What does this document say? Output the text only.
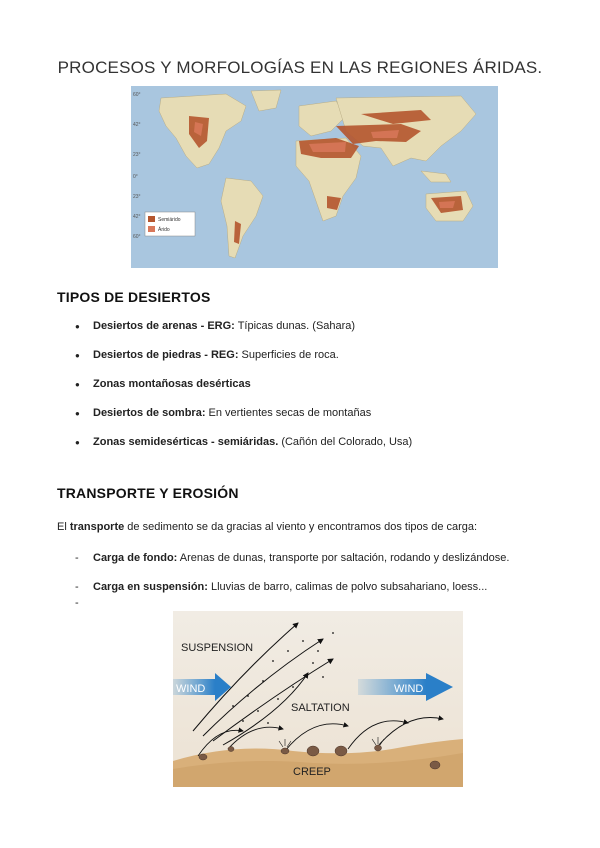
PROCESOS Y MORFOLOGÍAS EN LAS REGIONES ÁRIDAS.
60°
42°
23°
0°
23°
42°
60°
Semiárido
Árido
TIPOS DE DESIERTOS
● Desiertos de arenas - ERG: Típicas dunas. (Sahara)
● Desiertos de piedras - REG: Superficies de roca.
● Zonas montañosas desérticas
● Desiertos de sombra: En vertientes secas de montañas
● Zonas semidesérticas - semiáridas. (Cañón del Colorado, Usa)
TRANSPORTE Y EROSIÓN
El transporte de sedimento se da gracias al viento y encontramos dos tipos de carga:
- Carga de fondo: Arenas de dunas, transporte por saltación, rodando y deslizándose.
- Carga en suspensión: Lluvias de barro, calimas de polvo subsahariano, loess...
-
SUSPENSION
WIND	WIND
SALTATION
CREEP
